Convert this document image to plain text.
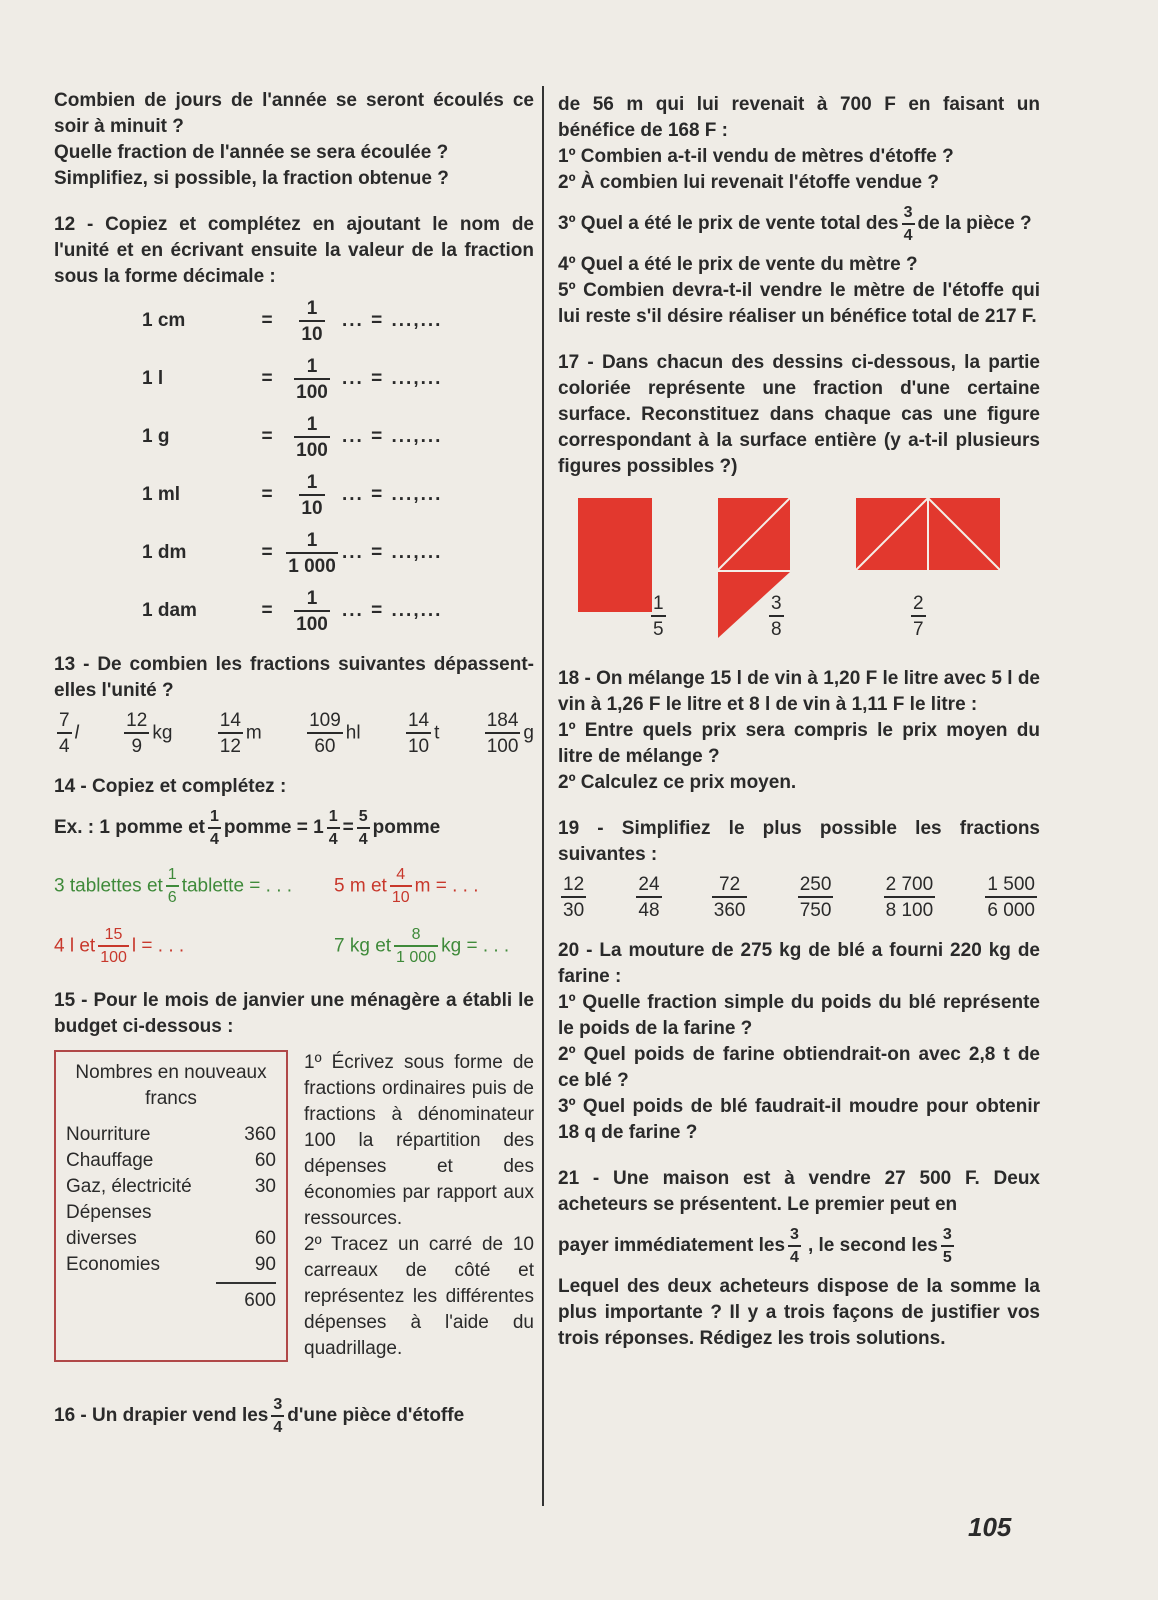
Combien de jours de l'année se seront écoulés ce soir à minuit ?

Quelle fraction de l'année se sera écoulée ?

Simplifiez, si possible, la fraction obtenue ?

12 - Copiez et complétez en ajoutant le nom de l'unité et en écrivant ensuite la valeur de la fraction sous la forme décimale :

1 cm	=	$\frac{1}{10}$ ... = ...,...
1 l	=	$\frac{1}{100}$ ... = ...,...
1 g	=	$\frac{1}{100}$ ... = ...,...
1 ml	=	$\frac{1}{10}$ ... = ...,...
1 dm	= $\frac{1}{1 000}$ ... = ...,...
1 dam	=	$\frac{1}{100}$ ... = ...,...

13 - De combien les fractions suivantes dépassent-elles l'unité ?

$\frac{7}{4}$ l $\frac{12}{9}$ kg $\frac{14}{12}$ m $\frac{109}{60}$ hl $\frac{14}{10}$ t $\frac{184}{100}$ g

14 - Copiez et complétez :

Ex. : 1 pomme et $\frac{1}{4}$ pomme = $1 \frac{1}{4} = \frac{5}{4}$ pomme
3 tablettes et $\frac{1}{6}$ tablette = . . .	5 m et $\frac{4}{10}$ m = . . .
4 l et $\frac{15}{100}$ l = . . .	7 kg et $\frac{8}{1 000}$ kg = . . .

15 - Pour le mois de janvier une ménagère a établi le budget ci-dessous :

Nombres en nouveaux francs
Nourriture	360
Chauffage	60
Gaz, électricité	30
Dépenses diverses	60
Economies	90
600

1º Écrivez sous forme de fractions ordinaires puis de fractions à dénominateur 100 la répartition des dépenses et des économies par rapport aux ressources.

2º Tracez un carré de 10 carreaux de côté et représentez les différentes dépenses à l'aide du quadrillage.

16 - Un drapier vend les $\frac{3}{4} d'une$ pièce d'étoffe

de 56 m qui lui revenait à 700 F en faisant un bénéfice de 168 F :

1º Combien a-t-il vendu de mètres d'étoffe ?

2º À combien lui revenait l'étoffe vendue ?

3º Quel a été le prix de vente total des $\frac{3}{4}$ de la pièce ?

4º Quel a été le prix de vente du mètre ?

5º Combien devra-t-il vendre le mètre de l'étoffe qui lui reste s'il désire réaliser un bénéfice total de 217 F.

17 - Dans chacun des dessins ci-dessous, la partie coloriée représente une fraction d'une certaine surface. Reconstituez dans chaque cas une figure correspondant à la surface entière (y a-t-il plusieurs figures possibles ?)

$\frac{1}{5}$	$\frac{3}{8}$	$\frac{2}{7}$

18 - On mélange 15 l de vin à 1,20 F le litre avec 5 l de vin à 1,26 F le litre et 8 l de vin à 1,11 F le litre :

1º Entre quels prix sera compris le prix moyen du litre de mélange ?

2º Calculez ce prix moyen.

19 - Simplifiez le plus possible les fractions suivantes :

$\frac{12}{30}$	$\frac{24}{48}$	$\frac{72}{360}$	$\frac{250}{750}$	$\frac{2 700}{8 100}$	$\frac{1 500}{6 000}$

20 - La mouture de 275 kg de blé a fourni 220 kg de farine :

1º Quelle fraction simple du poids du blé représente le poids de la farine ?

2º Quel poids de farine obtiendrait-on avec 2,8 t de ce blé ?

3º Quel poids de blé faudrait-il moudre pour obtenir 18 q de farine ?

21 - Une maison est à vendre 27 500 F. Deux acheteurs se présentent. Le premier peut en

payer immédiatement les $\frac{3}{4}$ , le second les $\frac{3}{5}$

Lequel des deux acheteurs dispose de la somme la plus importante ? Il y a trois façons de justifier vos trois réponses. Rédigez les trois solutions.

105
